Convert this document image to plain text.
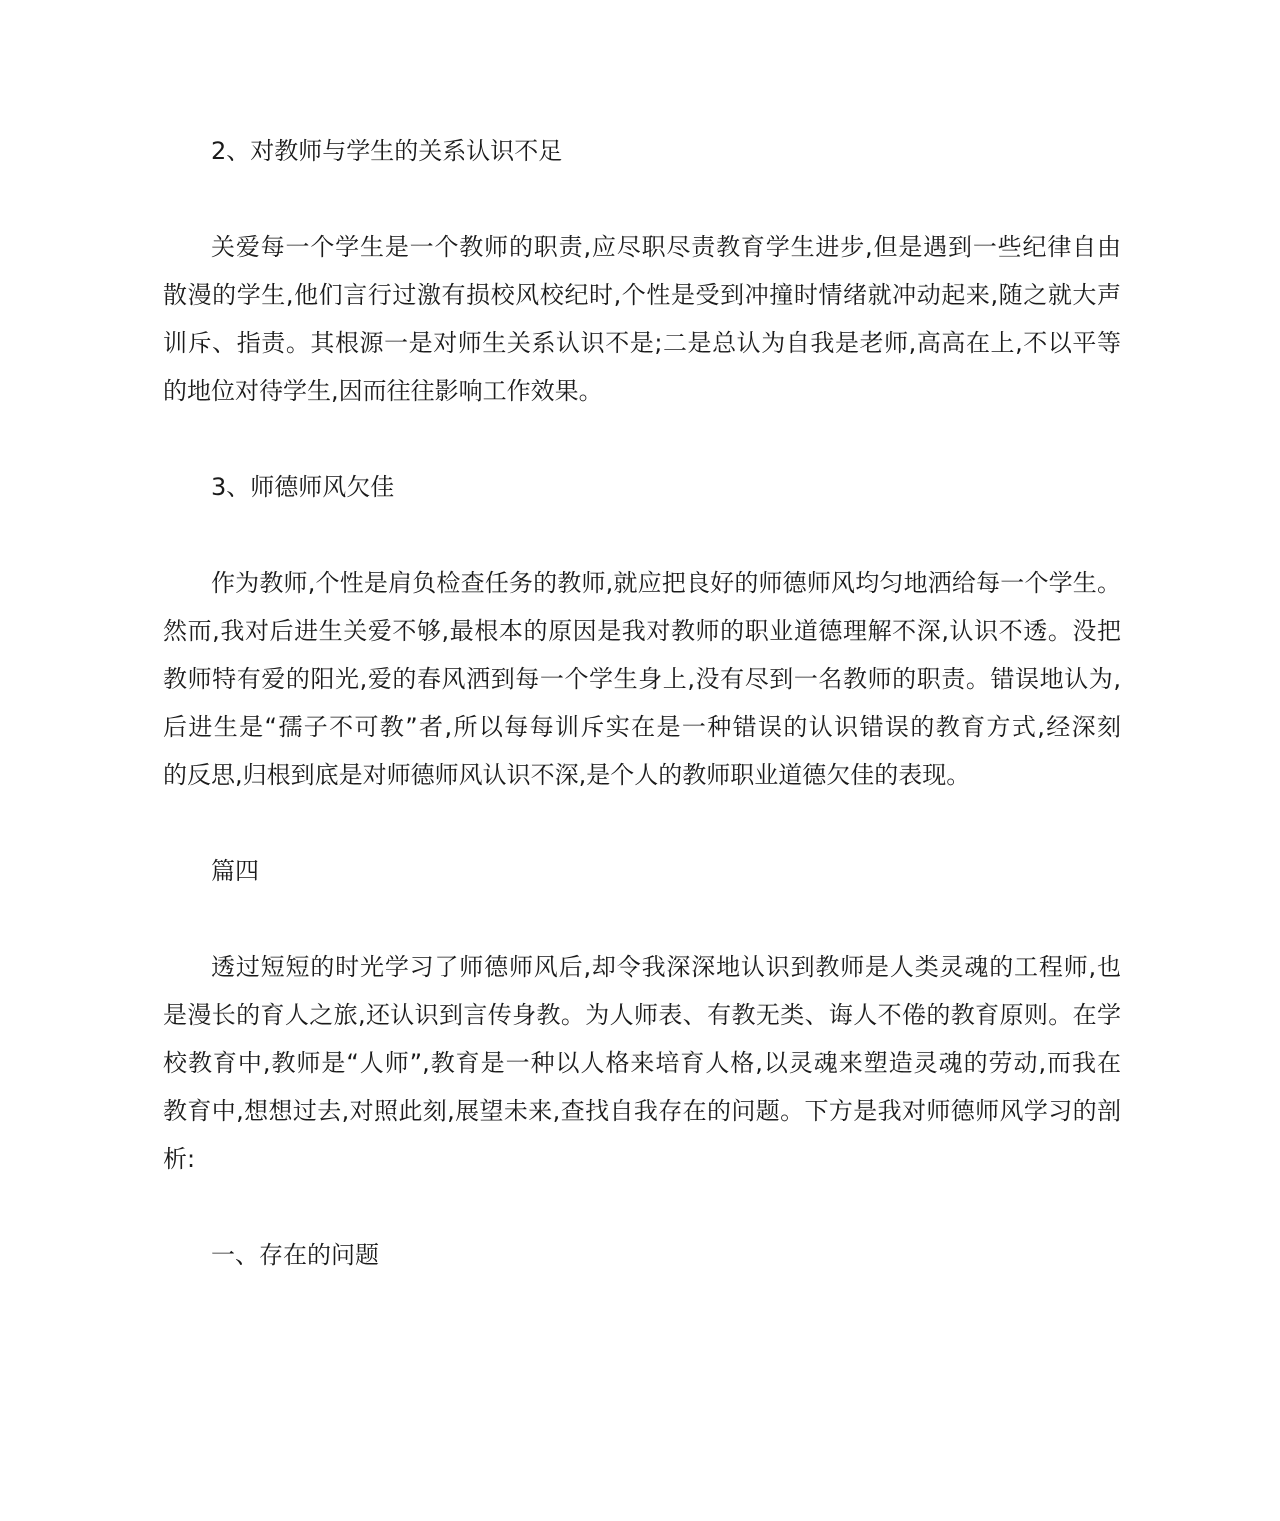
2、对教师与学生的关系认识不足
关爱每一个学生是一个教师的职责,应尽职尽责教育学生进步,但是遇到一些纪律自由
散漫的学生,他们言行过激有损校风校纪时,个性是受到冲撞时情绪就冲动起来,随之就大声
训斥、指责。其根源一是对师生关系认识不是;二是总认为自我是老师,高高在上,不以平等
的地位对待学生,因而往往影响工作效果。
3、师德师风欠佳
作为教师,个性是肩负检查任务的教师,就应把良好的师德师风均匀地洒给每一个学生。
然而,我对后进生关爱不够,最根本的原因是我对教师的职业道德理解不深,认识不透。没把
教师特有爱的阳光,爱的春风洒到每一个学生身上,没有尽到一名教师的职责。错误地认为,
后进生是“孺子不可教”者,所以每每训斥实在是一种错误的认识错误的教育方式,经深刻
的反思,归根到底是对师德师风认识不深,是个人的教师职业道德欠佳的表现。
篇四
透过短短的时光学习了师德师风后,却令我深深地认识到教师是人类灵魂的工程师,也
是漫长的育人之旅,还认识到言传身教。为人师表、有教无类、诲人不倦的教育原则。在学
校教育中,教师是“人师”,教育是一种以人格来培育人格,以灵魂来塑造灵魂的劳动,而我在
教育中,想想过去,对照此刻,展望未来,查找自我存在的问题。下方是我对师德师风学习的剖
析:
一、存在的问题
